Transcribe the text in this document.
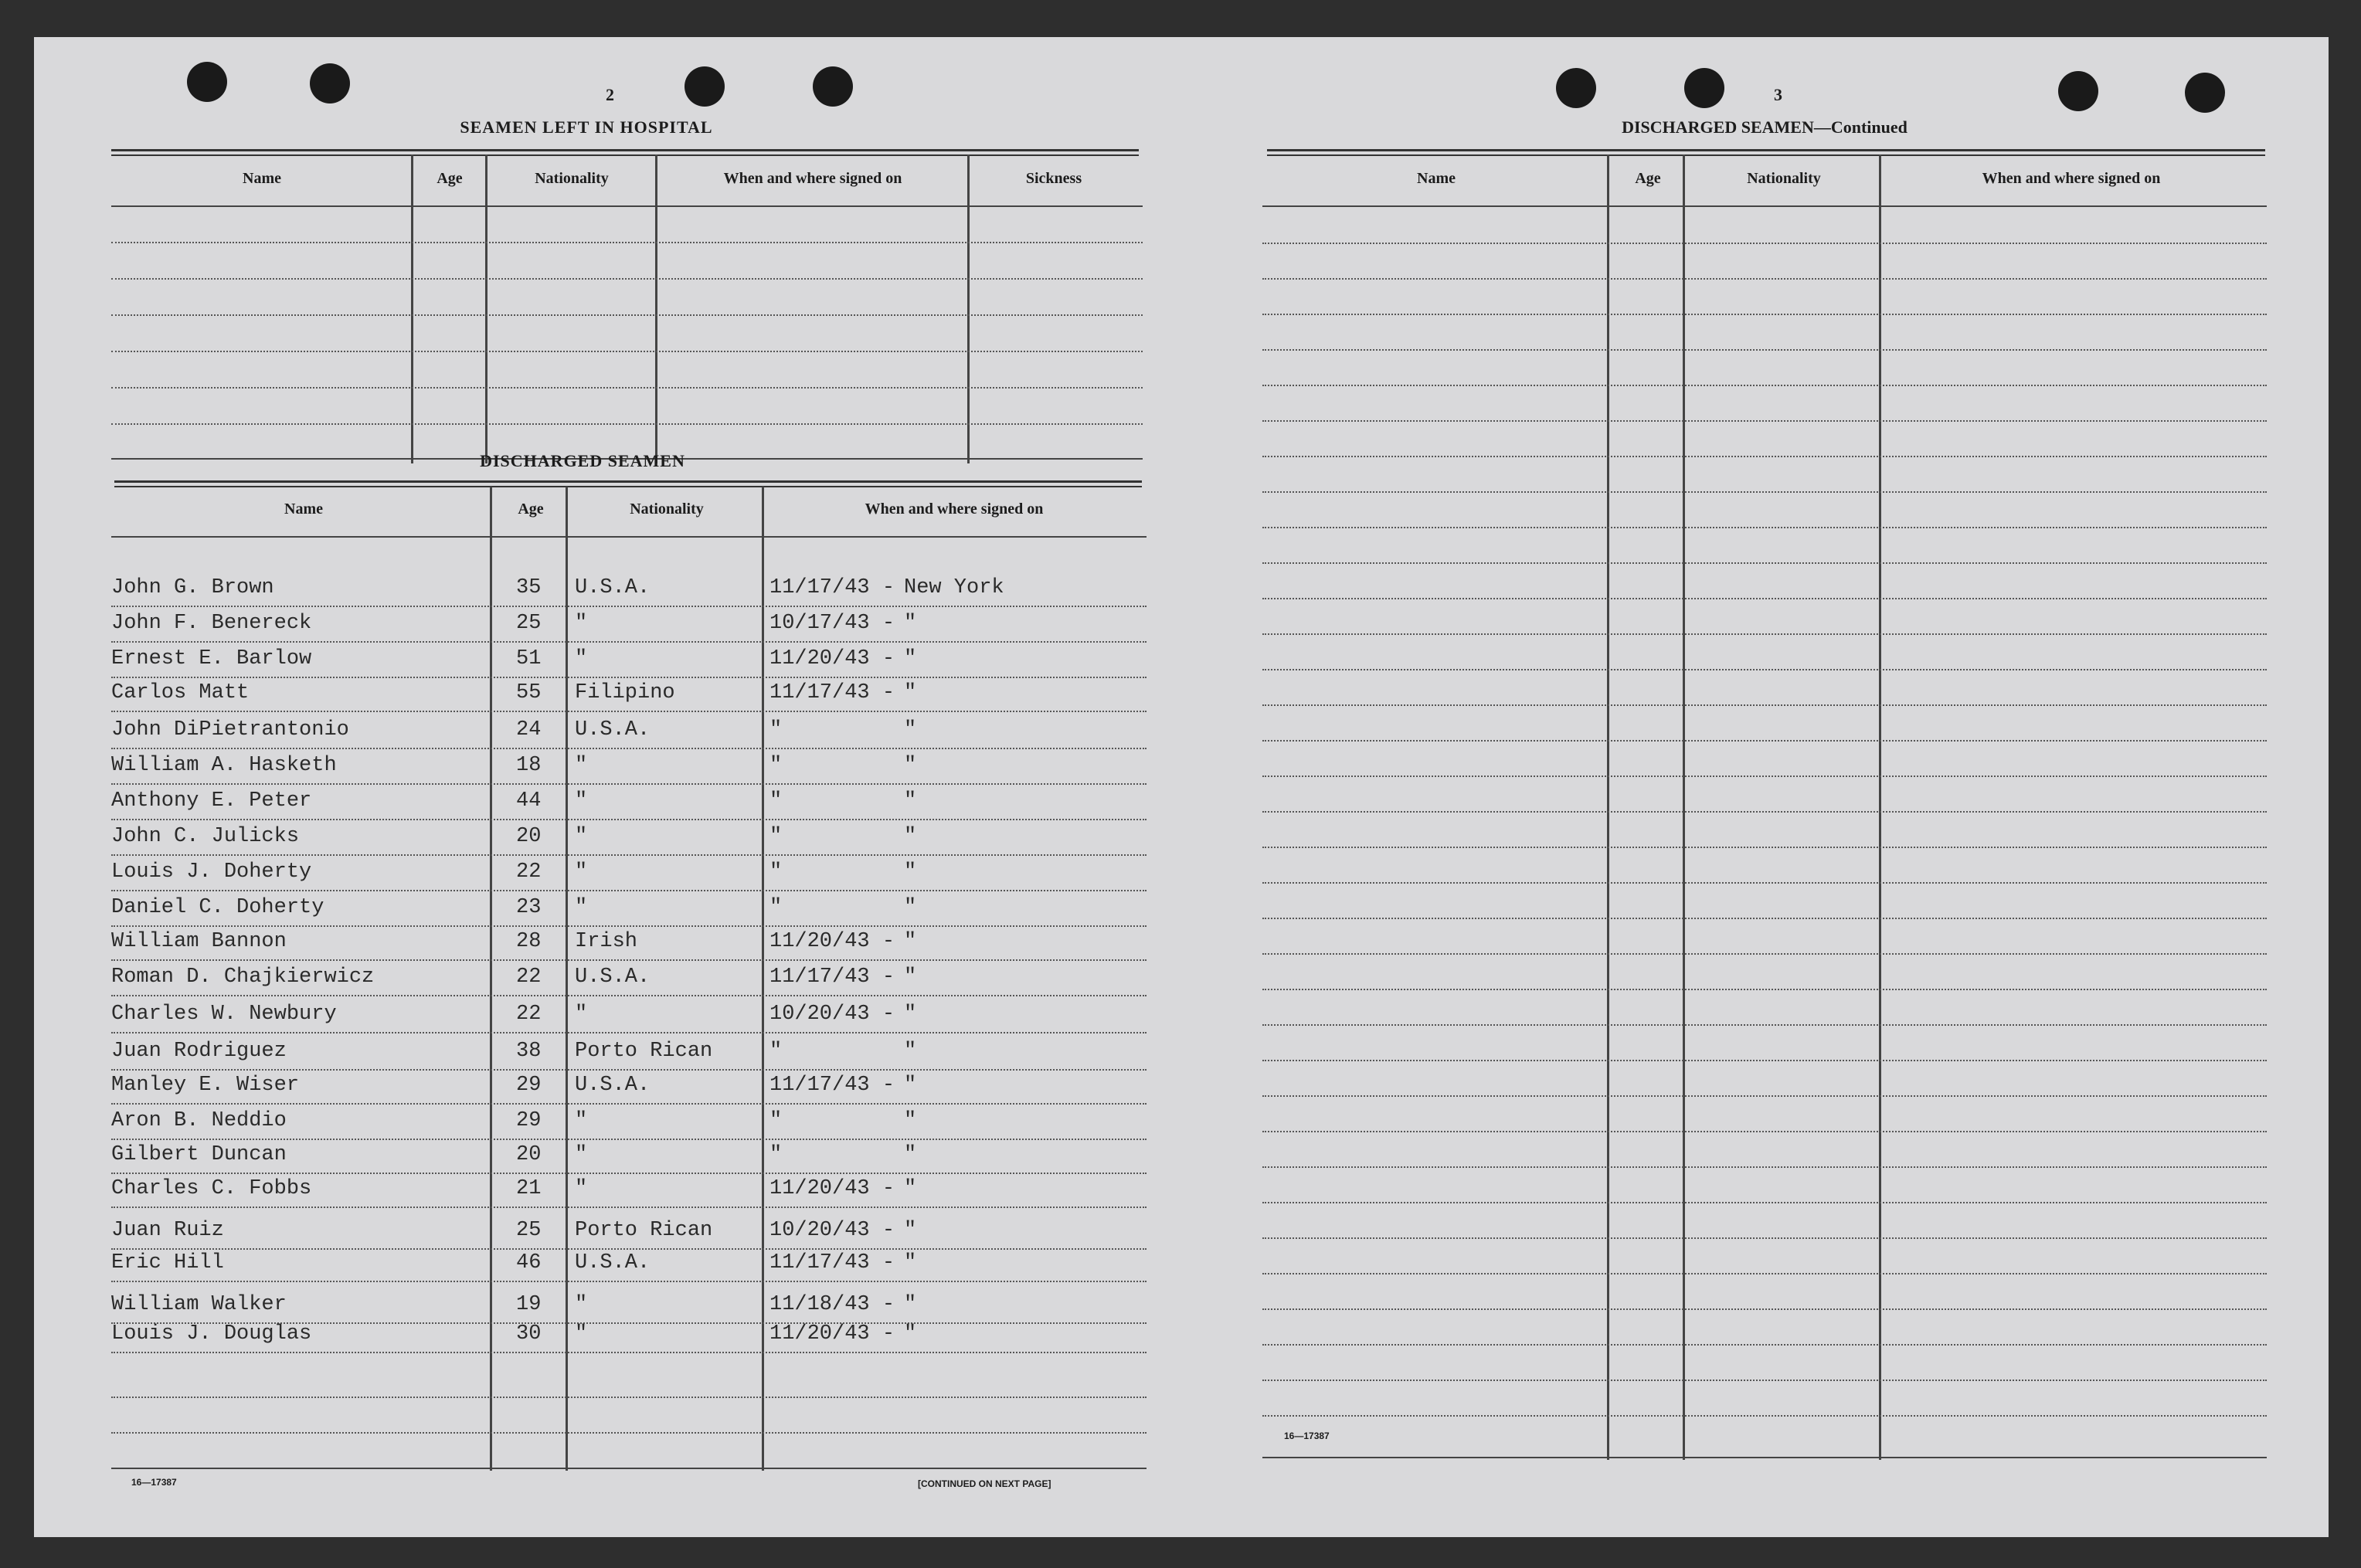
2
SEAMEN LEFT IN HOSPITAL
Name	Age	Nationality	When and where signed on	Sickness
DISCHARGED SEAMEN
Name	Age	Nationality	When and where signed on
John G. Brown	35 U.S.A.	11/17/43 - New York
John F. Benereck	25 "	10/17/43 - "
Ernest E. Barlow	51 "	11/20/43 - "
Carlos Matt	55 Filipino	11/17/43 - "
John DiPietrantonio	24 U.S.A.	"	"
William A. Hasketh	18 "	"	"
Anthony E. Peter	44 "	"	"
John C. Julicks	20 "	"	"
Louis J. Doherty	22 "	"	"
Daniel C. Doherty	23 "	"	"
William Bannon	28 Irish	11/20/43 - "
Roman D. Chajkierwicz	22 U.S.A.	11/17/43 - "
Charles W. Newbury	22 "	10/20/43 - "
Juan Rodriguez	38 Porto Rican	"	"
Manley E. Wiser	29 U.S.A.	11/17/43 - "
Aron B. Neddio	29 "	"	"
Gilbert Duncan	20 "	"	"
Charles C. Fobbs	21 "	11/20/43 - "
Juan Ruiz	25 Porto Rican	10/20/43 - "
Eric Hill	46 U.S.A.	11/17/43 - "
William Walker	19 "	11/18/43 - "
Louis J. Douglas	30 "	11/20/43 - "
16—17387	[CONTINUED ON NEXT PAGE]
3
DISCHARGED SEAMEN—Continued
Name	Age	Nationality	When and where signed on
16—17387
